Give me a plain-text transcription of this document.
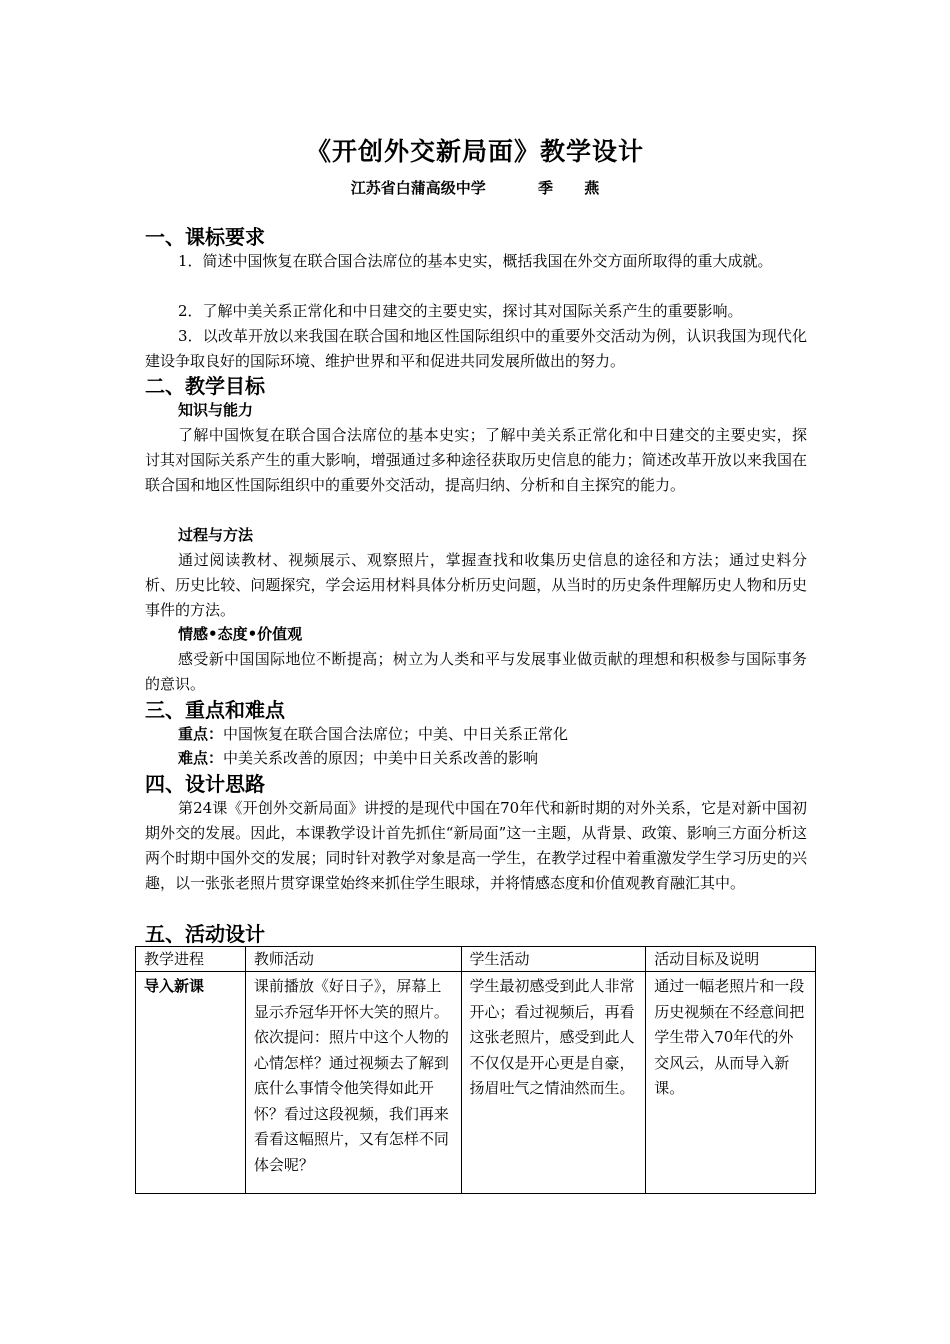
《开创外交新局面》教学设计
江苏省白蒲高级中学          季      燕
一、课标要求
1．简述中国恢复在联合国合法席位的基本史实，概括我国在外交方面所取得的重大成就。
2．了解中美关系正常化和中日建交的主要史实，探讨其对国际关系产生的重要影响。
3．以改革开放以来我国在联合国和地区性国际组织中的重要外交活动为例，认识我国为现代化建设争取良好的国际环境、维护世界和平和促进共同发展所做出的努力。
二、教学目标
知识与能力
了解中国恢复在联合国合法席位的基本史实；了解中美关系正常化和中日建交的主要史实，探讨其对国际关系产生的重大影响，增强通过多种途径获取历史信息的能力；简述改革开放以来我国在联合国和地区性国际组织中的重要外交活动，提高归纳、分析和自主探究的能力。
过程与方法
通过阅读教材、视频展示、观察照片，掌握查找和收集历史信息的途径和方法；通过史料分析、历史比较、问题探究，学会运用材料具体分析历史问题，从当时的历史条件理解历史人物和历史事件的方法。
情感•态度•价值观
感受新中国国际地位不断提高；树立为人类和平与发展事业做贡献的理想和积极参与国际事务的意识。
三、重点和难点
重点：中国恢复在联合国合法席位；中美、中日关系正常化
难点：中美关系改善的原因；中美中日关系改善的影响
四、设计思路
第24课《开创外交新局面》讲授的是现代中国在70年代和新时期的对外关系，它是对新中国初期外交的发展。因此，本课教学设计首先抓住“新局面”这一主题，从背景、政策、影响三方面分析这两个时期中国外交的发展；同时针对教学对象是高一学生，在教学过程中着重激发学生学习历史的兴趣，以一张张老照片贯穿课堂始终来抓住学生眼球，并将情感态度和价值观教育融汇其中。
五、活动设计
教学进程	教师活动	学生活动	活动目标及说明
导入新课	课前播放《好日子》，屏幕上显示乔冠华开怀大笑的照片。依次提问：照片中这个人物的心情怎样？通过视频去了解到底什么事情令他笑得如此开怀？看过这段视频，我们再来看看这幅照片，又有怎样不同体会呢？	学生最初感受到此人非常开心；看过视频后，再看这张老照片，感受到此人不仅仅是开心更是自豪，扬眉吐气之情油然而生。	通过一幅老照片和一段历史视频在不经意间把学生带入70年代的外交风云，从而导入新课。
